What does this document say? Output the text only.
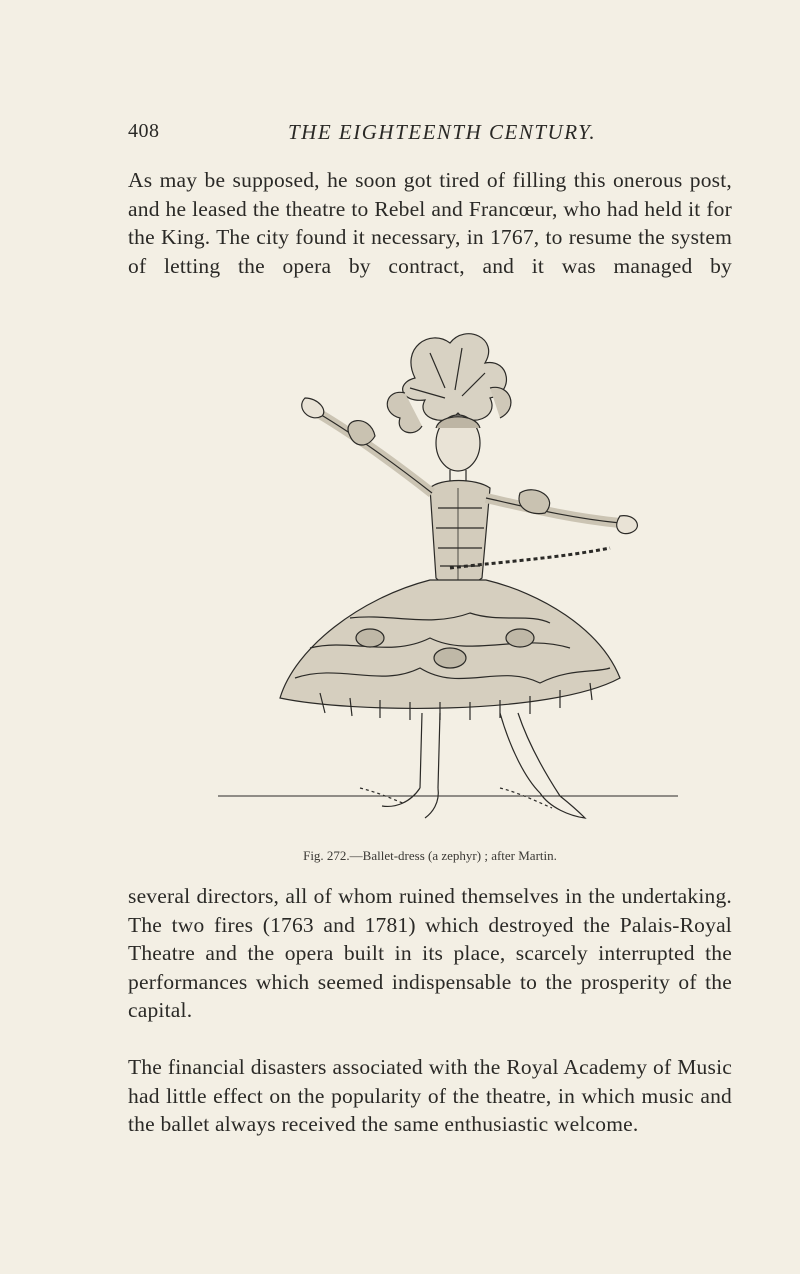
408	THE EIGHTEENTH CENTURY.

As may be supposed, he soon got tired of filling this onerous post, and he leased the theatre to Rebel and Francœur, who had held it for the King. The city found it necessary, in 1767, to resume the system of letting the opera by contract, and it was managed by

Fig. 272.—Ballet-dress (a zephyr) ; after Martin.

several directors, all of whom ruined themselves in the undertaking. The two fires (1763 and 1781) which destroyed the Palais-Royal Theatre and the opera built in its place, scarcely interrupted the performances which seemed indispensable to the prosperity of the capital.

The financial disasters associated with the Royal Academy of Music had little effect on the popularity of the theatre, in which music and the ballet always received the same enthusiastic welcome.
